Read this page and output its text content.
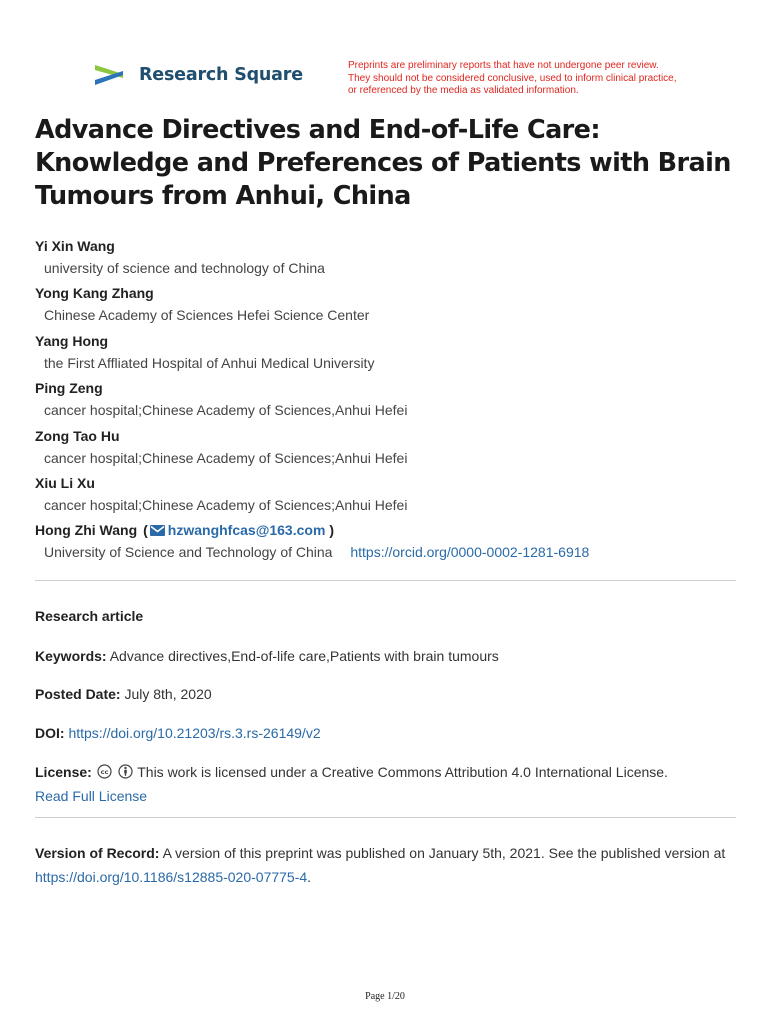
Research Square	Preprints are preliminary reports that have not undergone peer review.
They should not be considered conclusive, used to inform clinical practice,
or referenced by the media as validated information.
Advance Directives and End-of-Life Care:
Knowledge and Preferences of Patients with Brain
Tumours from Anhui, China
Yi Xin Wang
university of science and technology of China
Yong Kang Zhang
Chinese Academy of Sciences Hefei Science Center
Yang Hong
the First Affliated Hospital of Anhui Medical University
Ping Zeng
cancer hospital;Chinese Academy of Sciences,Anhui Hefei
Zong Tao Hu
cancer hospital;Chinese Academy of Sciences;Anhui Hefei
Xiu Li Xu
cancer hospital;Chinese Academy of Sciences;Anhui Hefei
Hong Zhi Wang ( hzwanghfcas@163.com )
University of Science and Technology of China https://orcid.org/0000-0002-1281-6918
Research article
Keywords: Advance directives,End-of-life care,Patients with brain tumours
Posted Date: July 8th, 2020
DOI: https://doi.org/10.21203/rs.3.rs-26149/v2
License: cc
This work is licensed under a Creative Commons Attribution 4.0 International License.
Read Full License
Version of Record: A version of this preprint was published on January 5th, 2021. See the published version at https://doi.org/10.1186/s12885-020-07775-4.
Page 1/20
